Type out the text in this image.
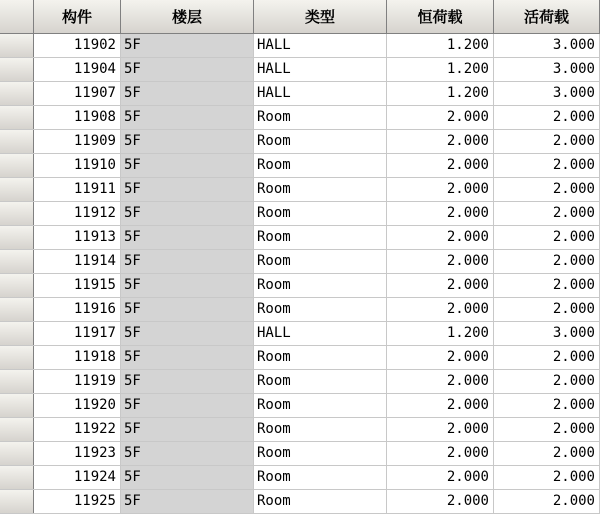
构件	楼层	类型	恒荷载	活荷载
11902 5F	HALL	1.200	3.000
11904 5F	HALL	1.200	3.000
11907 5F	HALL	1.200	3.000
11908 5F	Room	2.000	2.000
11909 5F	Room	2.000	2.000
11910 5F	Room	2.000	2.000
11911 5F	Room	2.000	2.000
11912 5F	Room	2.000	2.000
11913 5F	Room	2.000	2.000
11914 5F	Room	2.000	2.000
11915 5F	Room	2.000	2.000
11916 5F	Room	2.000	2.000
11917 5F	HALL	1.200	3.000
11918 5F	Room	2.000	2.000
11919 5F	Room	2.000	2.000
11920 5F	Room	2.000	2.000
11922 5F	Room	2.000	2.000
11923 5F	Room	2.000	2.000
11924 5F	Room	2.000	2.000
11925 5F	Room	2.000	2.000
